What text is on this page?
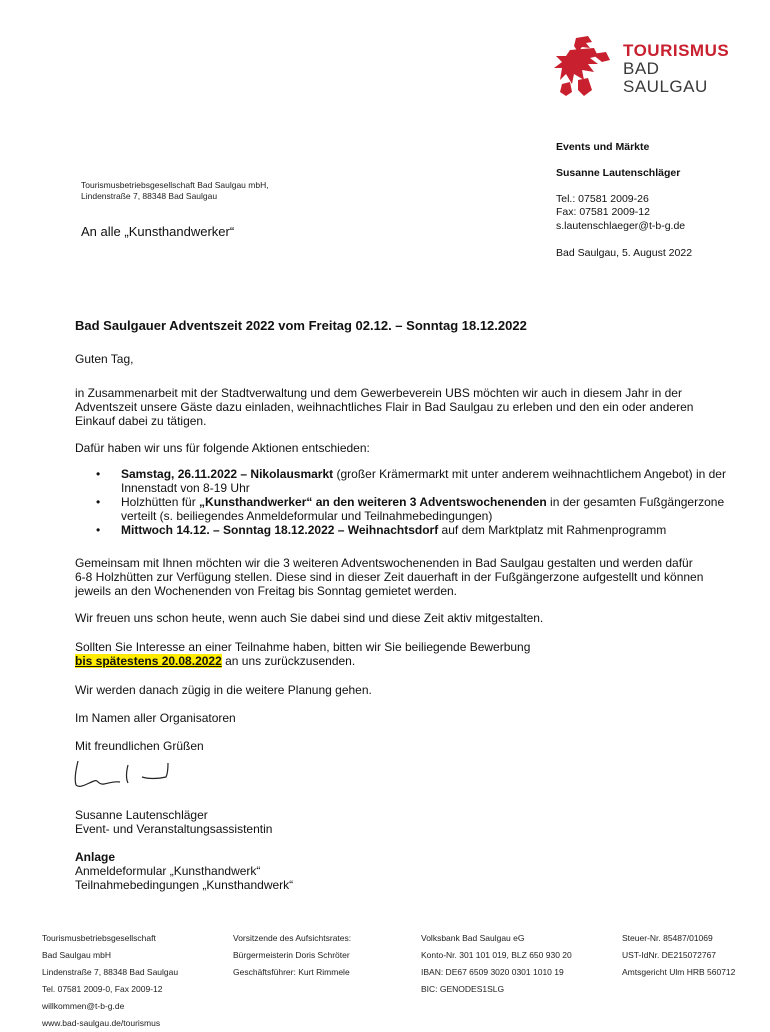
TOURISMUS
BAD
SAULGAU
Events und Märkte
Susanne Lautenschläger
Tel.: 07581 2009-26
Fax: 07581 2009-12
s.lautenschlaeger@t-b-g.de
Bad Saulgau, 5. August 2022
Tourismusbetriebsgesellschaft Bad Saulgau mbH,
Lindenstraße 7, 88348 Bad Saulgau
An alle „Kunsthandwerker“
Bad Saulgauer Adventszeit 2022 vom Freitag 02.12. – Sonntag 18.12.2022
Guten Tag,
in Zusammenarbeit mit der Stadtverwaltung und dem Gewerbeverein UBS möchten wir auch in diesem Jahr in der Adventszeit unsere Gäste dazu einladen, weihnachtliches Flair in Bad Saulgau zu erleben und den ein oder anderen Einkauf dabei zu tätigen.
Dafür haben wir uns für folgende Aktionen entschieden:
• Samstag, 26.11.2022 – Nikolausmarkt (großer Krämermarkt mit unter anderem weihnachtlichem Angebot) in der Innenstadt von 8-19 Uhr
• Holzhütten für „Kunsthandwerker“ an den weiteren 3 Adventswochenenden in der gesamten Fußgängerzone verteilt (s. beiliegendes Anmeldeformular und Teilnahmebedingungen)
• Mittwoch 14.12. – Sonntag 18.12.2022 – Weihnachtsdorf auf dem Marktplatz mit Rahmenprogramm
Gemeinsam mit Ihnen möchten wir die 3 weiteren Adventswochenenden in Bad Saulgau gestalten und werden dafür 6-8 Holzhütten zur Verfügung stellen. Diese sind in dieser Zeit dauerhaft in der Fußgängerzone aufgestellt und können jeweils an den Wochenenden von Freitag bis Sonntag gemietet werden.
Wir freuen uns schon heute, wenn auch Sie dabei sind und diese Zeit aktiv mitgestalten.
Sollten Sie Interesse an einer Teilnahme haben, bitten wir Sie beiliegende Bewerbung
bis spätestens 20.08.2022 an uns zurückzusenden.
Wir werden danach zügig in die weitere Planung gehen.
Im Namen aller Organisatoren
Mit freundlichen Grüßen
Susanne Lautenschläger
Event- und Veranstaltungsassistentin
Anlage
Anmeldeformular „Kunsthandwerk“
Teilnahmebedingungen „Kunsthandwerk“
Tourismusbetriebsgesellschaft
Bad Saulgau mbH
Lindenstraße 7, 88348 Bad Saulgau
Tel. 07581 2009-0, Fax 2009-12
willkommen@t-b-g.de
www.bad-saulgau.de/tourismus
Vorsitzende des Aufsichtsrates:
Bürgermeisterin Doris Schröter
Geschäftsführer: Kurt Rimmele
Volksbank Bad Saulgau eG
Konto-Nr. 301 101 019, BLZ 650 930 20
IBAN: DE67 6509 3020 0301 1010 19
BIC: GENODES1SLG
Steuer-Nr. 85487/01069
UST-IdNr. DE215072767
Amtsgericht Ulm HRB 560712
